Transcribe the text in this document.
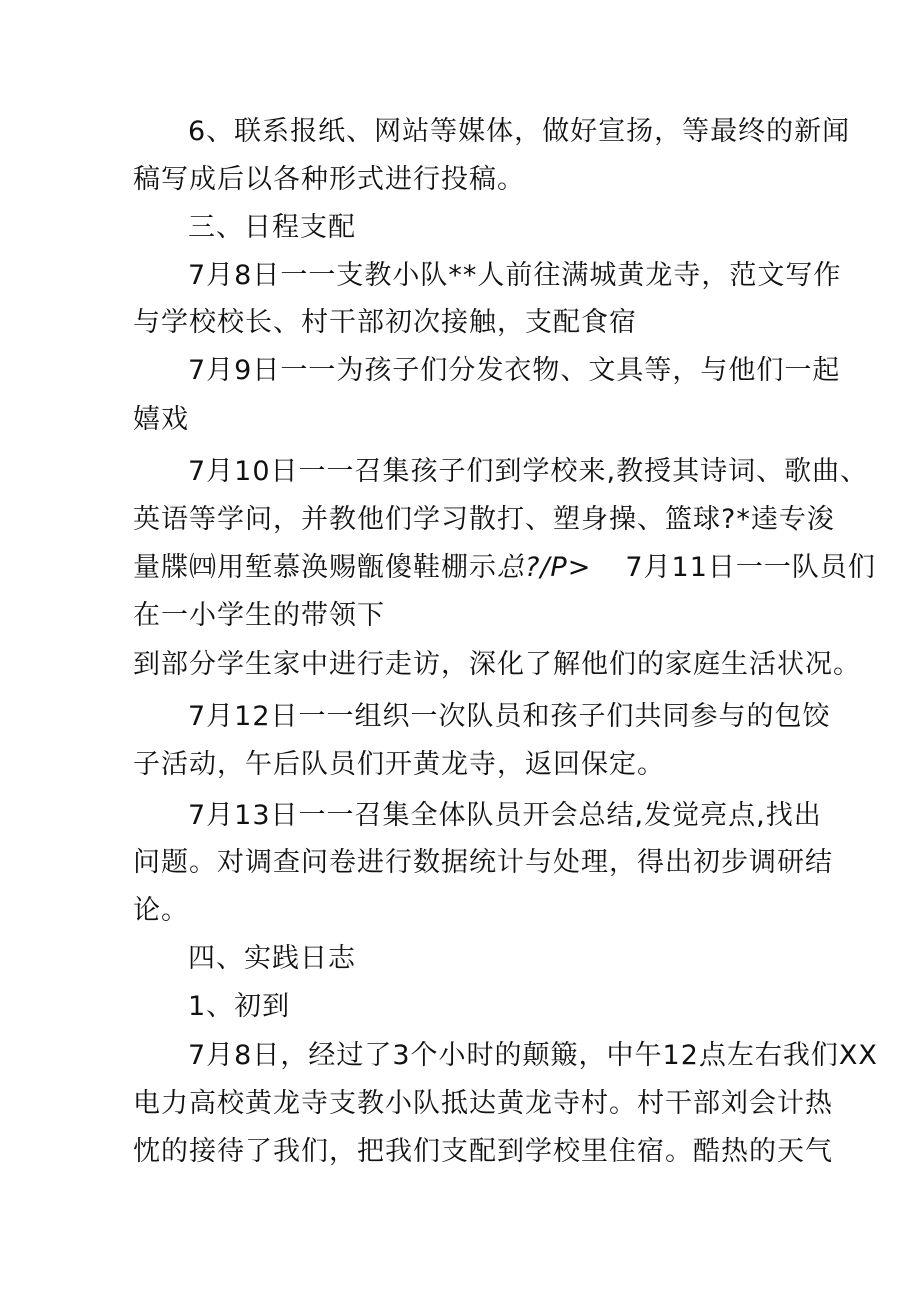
6、联系报纸、网站等媒体，做好宣扬，等最终的新闻
稿写成后以各种形式进行投稿。
三、日程支配
7月8日一一支教小队**人前往满城黄龙寺，范文写作
与学校校长、村干部初次接触，支配食宿
7月9日一一为孩子们分发衣物、文具等，与他们一起
嬉戏
7月10日一一召集孩子们到学校来,教授其诗词、歌曲、
英语等学问，并教他们学习散打、塑身操、篮球?*逵专浚
量牒㈣用堑慕涣赐甑傻鞋棚示总?/P> 7月11日一一队员们
在一小学生的带领下
到部分学生家中进行走访，深化了解他们的家庭生活状况。
7月12日一一组织一次队员和孩子们共同参与的包饺
子活动，午后队员们开黄龙寺，返回保定。
7月13日一一召集全体队员开会总结,发觉亮点,找出
问题。对调查问卷进行数据统计与处理，得出初步调研结
论。
四、实践日志
1、初到
7月8日，经过了3个小时的颠簸，中午12点左右我们XX
电力高校黄龙寺支教小队抵达黄龙寺村。村干部刘会计热
忱的接待了我们，把我们支配到学校里住宿。酷热的天气
